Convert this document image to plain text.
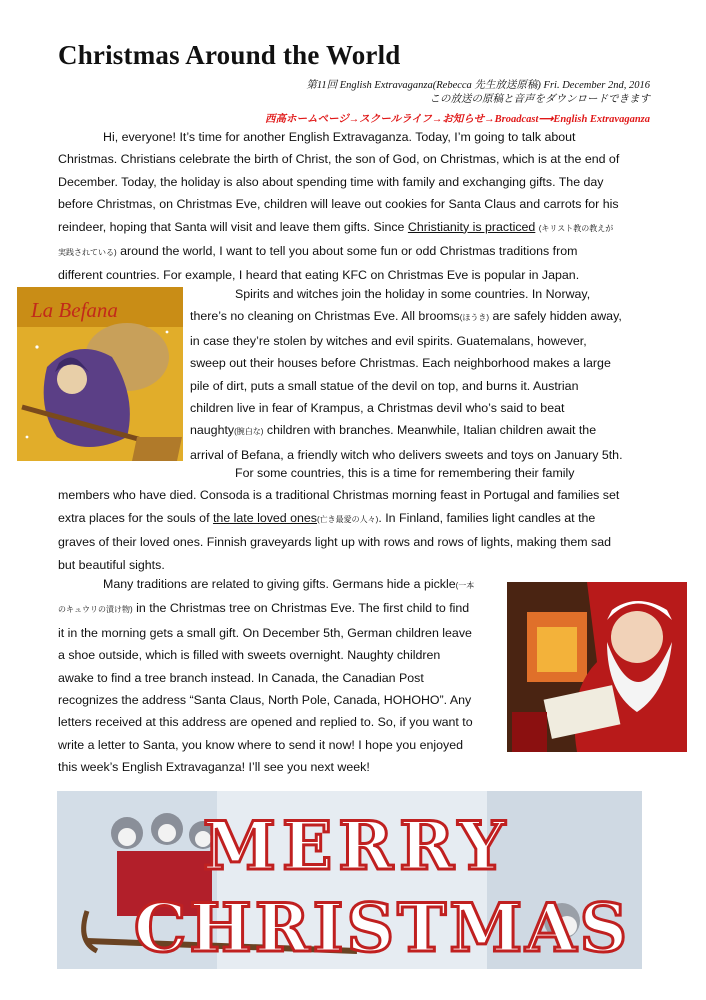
Christmas Around the World
第11回 English Extravaganza(Rebecca 先生放送原稿) Fri. December 2nd, 2016
この放送の原稿と音声をダウンロードできます
西高ホームページ→スクールライフ→お知らせ→Broadcast⟶English Extravaganza
Hi, everyone! It’s time for another English Extravaganza. Today, I’m going to talk about
Christmas. Christians celebrate the birth of Christ, the son of God, on Christmas, which is at the end of
December. Today, the holiday is also about spending time with family and exchanging gifts. The day
before Christmas, on Christmas Eve, children will leave out cookies for Santa Claus and carrots for his
reindeer, hoping that Santa will visit and leave them gifts. Since Christianity is practiced (キリスト教の教えが
実践されている) around the world, I want to tell you about some fun or odd Christmas traditions from
different countries. For example, I heard that eating KFC on Christmas Eve is popular in Japan.
La Befana
Spirits and witches join the holiday in some countries. In Norway,
there’s no cleaning on Christmas Eve. All brooms(ほうき) are safely hidden away,
in case they’re stolen by witches and evil spirits. Guatemalans, however,
sweep out their houses before Christmas. Each neighborhood makes a large
pile of dirt, puts a small statue of the devil on top, and burns it. Austrian
children live in fear of Krampus, a Christmas devil who’s said to beat
naughty(腕白な) children with branches. Meanwhile, Italian children await the
arrival of Befana, a friendly witch who delivers sweets and toys on January 5th.
For some countries, this is a time for remembering their family
members who have died. Consoda is a traditional Christmas morning feast in Portugal and families set
extra places for the souls of the late loved ones(亡き最愛の人々). In Finland, families light candles at the
graves of their loved ones. Finnish graveyards light up with rows and rows of lights, making them sad
but beautiful sights.
Many traditions are related to giving gifts. Germans hide a pickle(一本
のキュウリの漬け物) in the Christmas tree on Christmas Eve. The first child to find
it in the morning gets a small gift. On December 5th, German children leave
a shoe outside, which is filled with sweets overnight. Naughty children
awake to find a tree branch instead. In Canada, the Canadian Post
recognizes the address “Santa Claus, North Pole, Canada, HOHOHO”. Any
letters received at this address are opened and replied to. So, if you want to
write a letter to Santa, you know where to send it now! I hope you enjoyed
this week’s English Extravaganza! I’ll see you next week!
MERRY
CHRISTMAS
